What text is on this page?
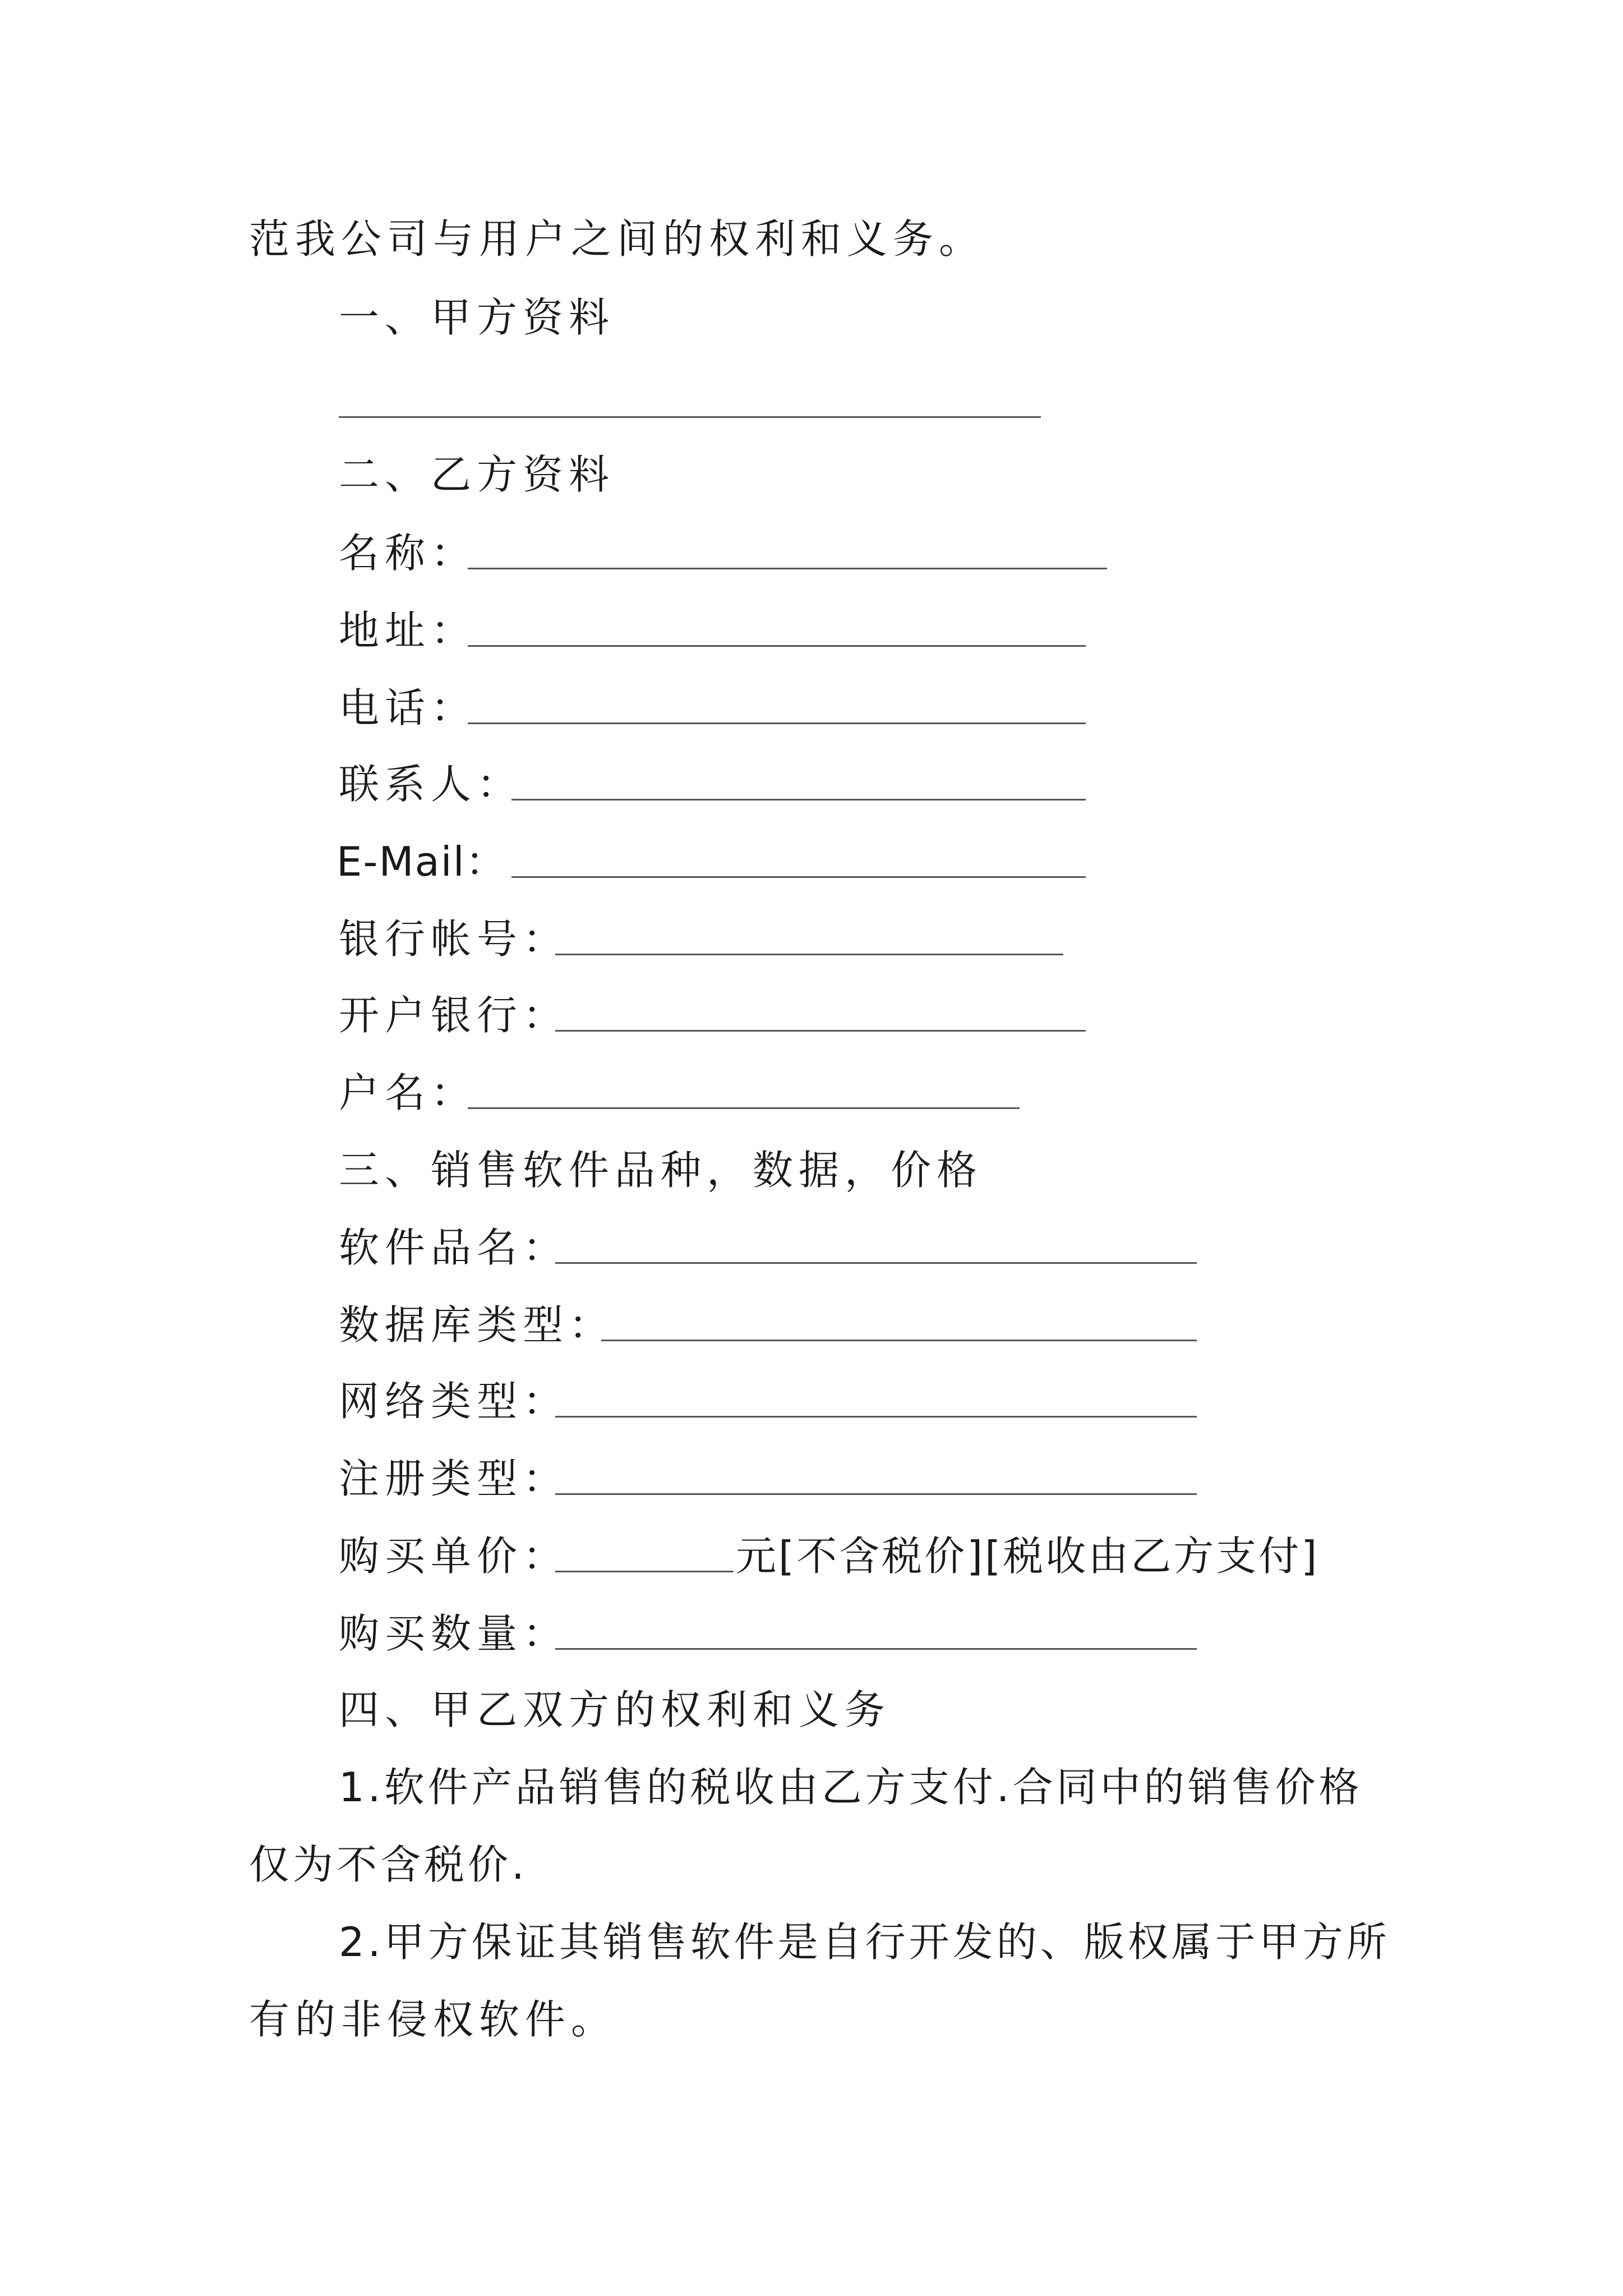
范我公司与用户之间的权利和义务。
一、甲方资料
二、乙方资料
名称：
地址：
电话：
联系人：
E-Mail：
银行帐号：
开户银行：
户名：
三、销售软件品种，数据，价格
软件品名：
数据库类型：
网络类型：
注册类型：
购买单价：	元[不含税价][税收由乙方支付]
购买数量：
四、甲乙双方的权利和义务
1.软件产品销售的税收由乙方支付.合同中的销售价格
仅为不含税价.
2.甲方保证其销售软件是自行开发的、版权属于甲方所
有的非侵权软件。
